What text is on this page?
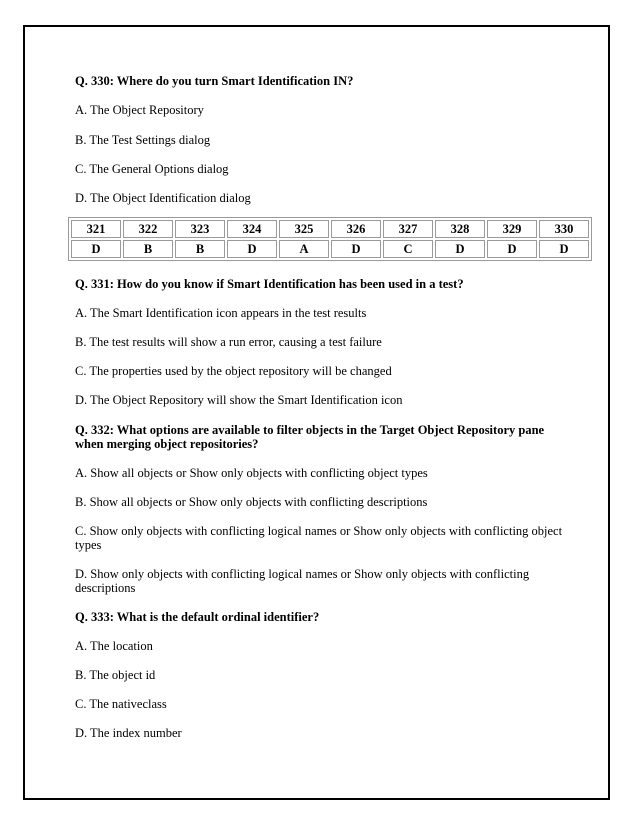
Q. 330: Where do you turn Smart Identification IN?
A. The Object Repository
B. The Test Settings dialog
C. The General Options dialog
D. The Object Identification dialog
321	322	323	324	325	326	327	328	329	330
D	B	B	D	A	D	C	D	D	D
Q. 331: How do you know if Smart Identification has been used in a test?
A. The Smart Identification icon appears in the test results
B. The test results will show a run error, causing a test failure
C. The properties used by the object repository will be changed
D. The Object Repository will show the Smart Identification icon
Q. 332: What options are available to filter objects in the Target Object Repository pane when merging object repositories?
A. Show all objects or Show only objects with conflicting object types
B. Show all objects or Show only objects with conflicting descriptions
C. Show only objects with conflicting logical names or Show only objects with conflicting object types
D. Show only objects with conflicting logical names or Show only objects with conflicting descriptions
Q. 333: What is the default ordinal identifier?
A. The location
B. The object id
C. The nativeclass
D. The index number
